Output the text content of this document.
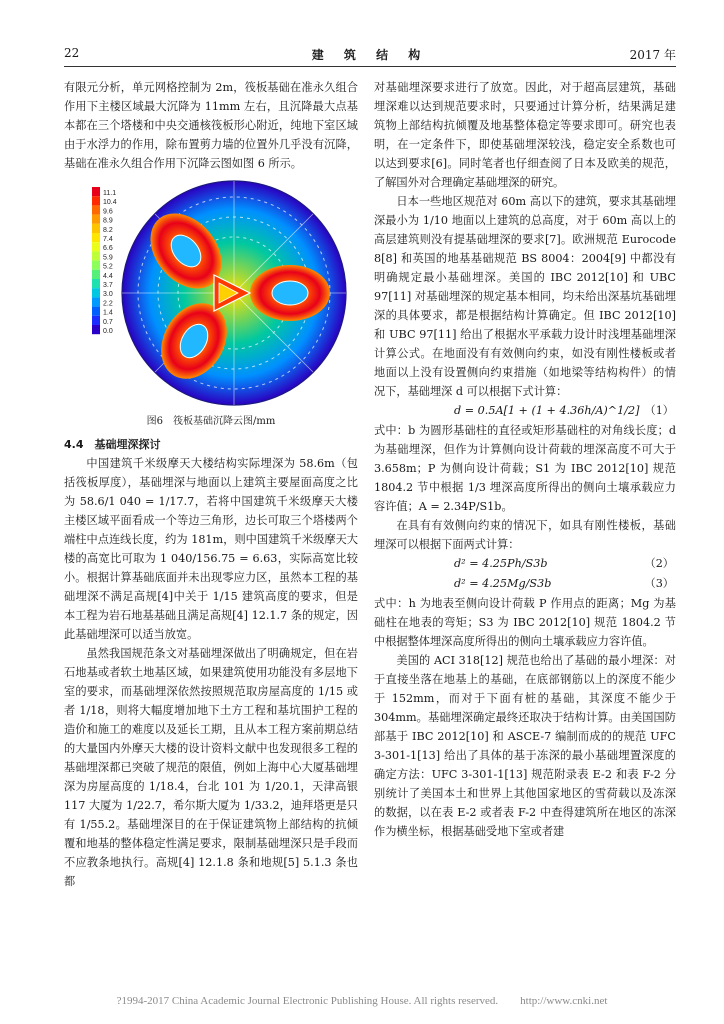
22	建 筑 结 构	2017 年

有限元分析，单元网格控制为 2m，筏板基础在准永久组合作用下主楼区域最大沉降为 11mm 左右，且沉降最大点基本都在三个塔楼和中央交通核筏板形心附近，纯地下室区域由于水浮力的作用，除布置剪力墙的位置外几乎没有沉降，基础在准永久组合作用下沉降云图如图 6 所示。

11.1
10.4
9.6
8.9
8.2
7.4
6.6
5.9
5.2
4.4
3.7
3.0
2.2
1.4
0.7
0.0
图6　筏板基础沉降云图/mm
4.4　基础埋深探讨

中国建筑千米级摩天大楼结构实际埋深为 58.6m（包括筏板厚度），基础埋深与地面以上建筑主要屋面高度之比为 58.6/1 040 = 1/17.7，若将中国建筑千米级摩天大楼主楼区域平面看成一个等边三角形，边长可取三个塔楼两个端柱中点连线长度，约为 181m，则中国建筑千米级摩天大楼的高宽比可取为 1 040/156.75 = 6.63，实际高宽比较小。根据计算基础底面并未出现零应力区，虽然本工程的基础埋深不满足高规[4]中关于 1/15 建筑高度的要求，但是本工程为岩石地基基础且满足高规[4] 12.1.7 条的规定，因此基础埋深可以适当放宽。

虽然我国规范条文对基础埋深做出了明确规定，但在岩石地基或者软土地基区域，如果建筑使用功能没有多层地下室的要求，而基础埋深依然按照规范取房屋高度的 1/15 或者 1/18，则将大幅度增加地下土方工程和基坑围护工程的造价和施工的难度以及延长工期，且从本工程方案前期总结的大量国内外摩天大楼的设计资料文献中也发现很多工程的基础埋深都已突破了规范的限值，例如上海中心大厦基础埋深为房屋高度的 1/18.4，台北 101 为 1/20.1，天津高银 117 大厦为 1/22.7，希尔斯大厦为 1/33.2，迪拜塔更是只有 1/55.2。基础埋深目的在于保证建筑物上部结构的抗倾覆和地基的整体稳定性满足要求，限制基础埋深只是手段而不应教条地执行。高规[4] 12.1.8 条和地规[5] 5.1.3 条也都

对基础埋深要求进行了放宽。因此，对于超高层建筑，基础埋深难以达到规范要求时，只要通过计算分析，结果满足建筑物上部结构抗倾覆及地基整体稳定等要求即可。研究也表明，在一定条件下，即使基础埋深较浅，稳定安全系数也可以达到要求[6]。同时笔者也仔细查阅了日本及欧美的规范，了解国外对合理确定基础埋深的研究。

日本一些地区规范对 60m 高以下的建筑，要求其基础埋深最小为 1/10 地面以上建筑的总高度，对于 60m 高以上的高层建筑则没有提基础埋深的要求[7]。欧洲规范 Eurocode 8[8] 和英国的地基基础规范 BS 8004：2004[9] 中都没有明确规定最小基础埋深。美国的 IBC 2012[10] 和 UBC 97[11] 对基础埋深的规定基本相同，均未给出深基坑基础埋深的具体要求，都是根据结构计算确定。但 IBC 2012[10] 和 UBC 97[11] 给出了根据水平承载力设计时浅埋基础埋深计算公式。在地面没有有效侧向约束，如没有刚性楼板或者地面以上没有设置侧向约束措施（如地梁等结构构件）的情况下，基础埋深 d 可以根据下式计算：

d = 0.5A[1 + (1 + 4.36h/A)^1/2] （1）

式中：b 为圆形基础柱的直径或矩形基础柱的对角线长度；d 为基础埋深，但作为计算侧向设计荷载的埋深高度不可大于 3.658m；P 为侧向设计荷载；S1 为 IBC 2012[10] 规范 1804.2 节中根据 1/3 埋深高度所得出的侧向土壤承载应力容许值；A = 2.34P/S1b。

在具有有效侧向约束的情况下，如具有刚性楼板，基础埋深可以根据下面两式计算：

d² = 4.25Ph/S3b	（2）
d² = 4.25Mg/S3b	（3）

式中：h 为地表至侧向设计荷载 P 作用点的距离；Mg 为基础柱在地表的弯矩；S3 为 IBC 2012[10] 规范 1804.2 节中根据整体埋深高度所得出的侧向土壤承载应力容许值。

美国的 ACI 318[12] 规范也给出了基础的最小埋深：对于直接坐落在地基上的基础，在底部钢筋以上的深度不能少于 152mm，而对于下面有桩的基础，其深度不能少于 304mm。基础埋深确定最终还取决于结构计算。由美国国防部基于 IBC 2012[10] 和 ASCE-7 编制而成的的规范 UFC 3-301-1[13] 给出了具体的基于冻深的最小基础埋置深度的确定方法：UFC 3-301-1[13] 规范附录表 E-2 和表 F-2 分别统计了美国本土和世界上其他国家地区的雪荷载以及冻深的数据，以在表 E-2 或者表 F-2 中查得建筑所在地区的冻深作为横坐标，根据基础受地下室或者建

?1994-2017 China Academic Journal Electronic Publishing House. All rights reserved.　　http://www.cnki.net
